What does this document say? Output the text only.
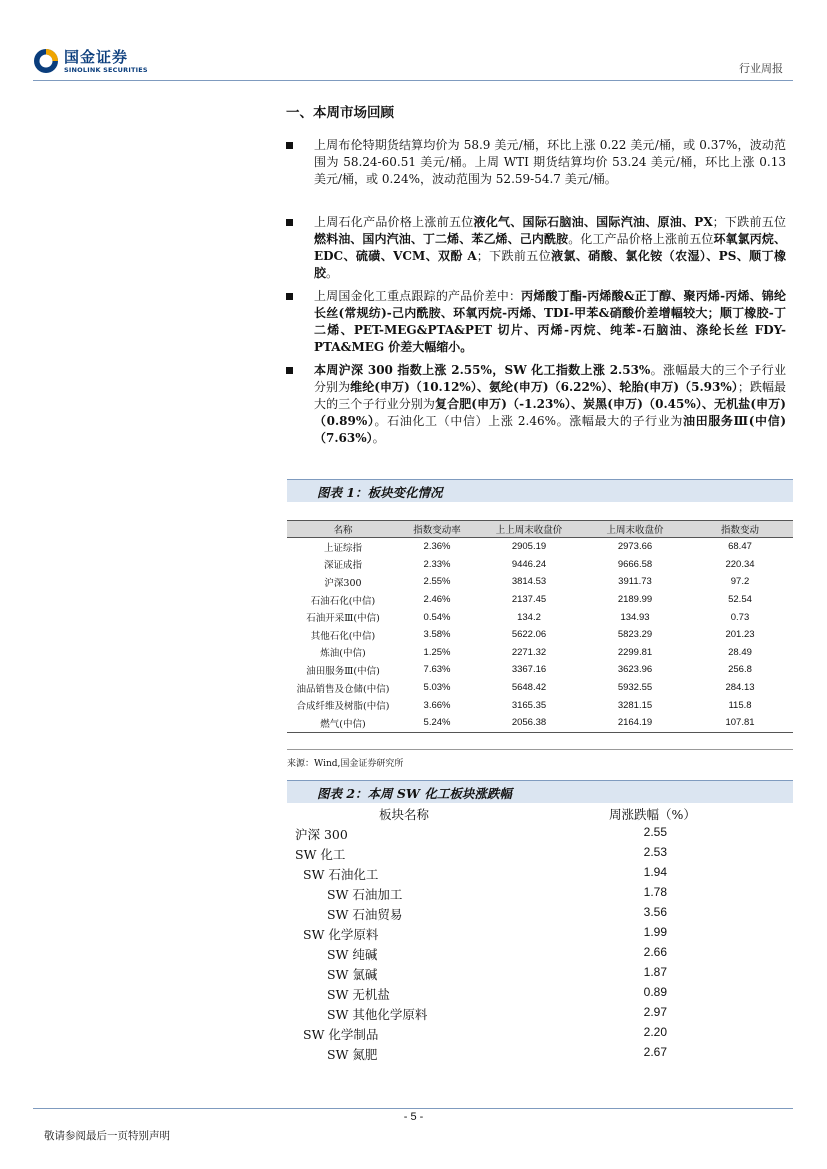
国金证券
SINOLINK SECURITIES	行业周报
一、本周市场回顾
上周布伦特期货结算均价为 58.9 美元/桶，环比上涨 0.22 美元/桶，或 0.37%，波动范围为 58.24-60.51 美元/桶。上周 WTI 期货结算均价 53.24 美元/桶，环比上涨 0.13 美元/桶，或 0.24%，波动范围为 52.59-54.7 美元/桶。
上周石化产品价格上涨前五位液化气、国际石脑油、国际汽油、原油、PX；下跌前五位燃料油、国内汽油、丁二烯、苯乙烯、己内酰胺。化工产品价格上涨前五位环氧氯丙烷、EDC、硫磺、VCM、双酚 A；下跌前五位液氯、硝酸、氯化铵（农湿）、PS、顺丁橡胶。
上周国金化工重点跟踪的产品价差中：丙烯酸丁酯-丙烯酸&正丁醇、聚丙烯-丙烯、锦纶长丝(常规纺)-己内酰胺、环氧丙烷-丙烯、TDI-甲苯&硝酸价差增幅较大；顺丁橡胶-丁二烯、PET-MEG&PTA&PET 切片、丙烯-丙烷、纯苯-石脑油、涤纶长丝 FDY-PTA&MEG 价差大幅缩小。
本周沪深 300 指数上涨 2.55%，SW 化工指数上涨 2.53%。涨幅最大的三个子行业分别为维纶(申万)（10.12%）、氨纶(申万)（6.22%）、轮胎(申万)（5.93%）；跌幅最大的三个子行业分别为复合肥(申万)（-1.23%）、炭黑(申万)（0.45%）、无机盐(申万)（0.89%）。石油化工（中信）上涨 2.46%。涨幅最大的子行业为油田服务Ⅲ(中信)（7.63%）。
图表 1：板块变化情况
名称	指数变动率	上上周末收盘价	上周末收盘价	指数变动
上证综指	2.36%	2905.19	2973.66	68.47
深证成指	2.33%	9446.24	9666.58	220.34
沪深300	2.55%	3814.53	3911.73	97.2
石油石化(中信)	2.46%	2137.45	2189.99	52.54
石油开采Ⅲ(中信)	0.54%	134.2	134.93	0.73
其他石化(中信)	3.58%	5622.06	5823.29	201.23
炼油(中信)	1.25%	2271.32	2299.81	28.49
油田服务Ⅲ(中信)	7.63%	3367.16	3623.96	256.8
油品销售及仓储(中信)	5.03%	5648.42	5932.55	284.13
合成纤维及树脂(中信)	3.66%	3165.35	3281.15	115.8
燃气(中信)	5.24%	2056.38	2164.19	107.81
来源：Wind,国金证券研究所
图表 2：本周 SW 化工板块涨跌幅
板块名称	周涨跌幅（%）
沪深 300	2.55
SW 化工	2.53
SW 石油化工	1.94
SW 石油加工	1.78
SW 石油贸易	3.56
SW 化学原料	1.99
SW 纯碱	2.66
SW 氯碱	1.87
SW 无机盐	0.89
SW 其他化学原料	2.97
SW 化学制品	2.20
SW 氮肥	2.67
- 5 -
敬请参阅最后一页特别声明
